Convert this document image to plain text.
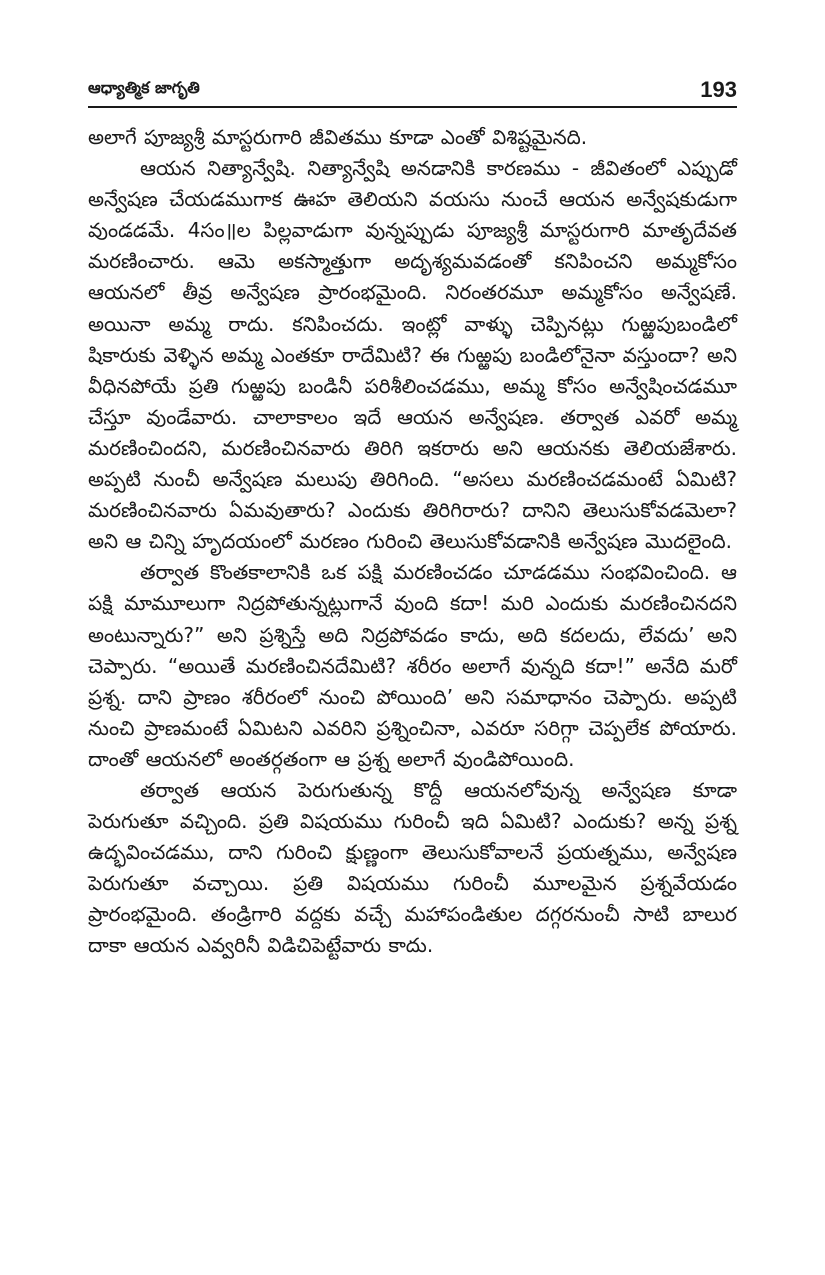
ఆధ్యాత్మిక జాగృతి	193

అలాగే పూజ్యశ్రీ మాస్టరుగారి జీవితము కూడా ఎంతో విశిష్టమైనది.

ఆయన నిత్యాన్వేషి. నిత్యాన్వేషి అనడానికి కారణము - జీవితంలో ఎప్పుడో అన్వేషణ చేయడముగాక ఊహ తెలియని వయసు నుంచే ఆయన అన్వేషకుడుగా వుండడమే. 4సం॥ల పిల్లవాడుగా వున్నప్పుడు పూజ్యశ్రీ మాస్టరుగారి మాతృదేవత మరణించారు. ఆమె అకస్మాత్తుగా అదృశ్యమవడంతో కనిపించని అమ్మకోసం ఆయనలో తీవ్ర అన్వేషణ ప్రారంభమైంది. నిరంతరమూ అమ్మకోసం అన్వేషణే. అయినా అమ్మ రాదు. కనిపించదు. ఇంట్లో వాళ్ళు చెప్పినట్లు గుఱ్ఱపుబండిలో షికారుకు వెళ్ళిన అమ్మ ఎంతకూ రాదేమిటి? ఈ గుఱ్ఱపు బండిలోనైనా వస్తుందా? అని వీధినపోయే ప్రతి గుఱ్ఱపు బండినీ పరిశీలించడము, అమ్మ కోసం అన్వేషించడమూ చేస్తూ వుండేవారు. చాలాకాలం ఇదే ఆయన అన్వేషణ. తర్వాత ఎవరో అమ్మ మరణించిందని, మరణించినవారు తిరిగి ఇకరారు అని ఆయనకు తెలియజేశారు. అప్పటి నుంచీ అన్వేషణ మలుపు తిరిగింది. “అసలు మరణించడమంటే ఏమిటి? మరణించినవారు ఏమవుతారు? ఎందుకు తిరిగిరారు? దానిని తెలుసుకోవడమెలా? అని ఆ చిన్ని హృదయంలో మరణం గురించి తెలుసుకోవడానికి అన్వేషణ మొదలైంది.

తర్వాత కొంతకాలానికి ఒక పక్షి మరణించడం చూడడము సంభవించింది. ఆ పక్షి మామూలుగా నిద్రపోతున్నట్లుగానే వుంది కదా! మరి ఎందుకు మరణించినదని అంటున్నారు?” అని ప్రశ్నిస్తే అది నిద్రపోవడం కాదు, అది కదలదు, లేవదు’ అని చెప్పారు. “అయితే మరణించినదేమిటి? శరీరం అలాగే వున్నది కదా!” అనేది మరో ప్రశ్న. దాని ప్రాణం శరీరంలో నుంచి పోయింది’ అని సమాధానం చెప్పారు. అప్పటి నుంచి ప్రాణమంటే ఏమిటని ఎవరిని ప్రశ్నించినా, ఎవరూ సరిగ్గా చెప్పలేక పోయారు. దాంతో ఆయనలో అంతర్గతంగా ఆ ప్రశ్న అలాగే వుండిపోయింది.

తర్వాత ఆయన పెరుగుతున్న కొద్దీ ఆయనలోవున్న అన్వేషణ కూడా పెరుగుతూ వచ్చింది. ప్రతి విషయము గురించీ ఇది ఏమిటి? ఎందుకు? అన్న ప్రశ్న ఉద్భవించడము, దాని గురించి క్షుణ్ణంగా తెలుసుకోవాలనే ప్రయత్నము, అన్వేషణ పెరుగుతూ వచ్చాయి. ప్రతి విషయము గురించీ మూలమైన ప్రశ్నవేయడం ప్రారంభమైంది. తండ్రిగారి వద్దకు వచ్చే మహాపండితుల దగ్గరనుంచీ సాటి బాలుర దాకా ఆయన ఎవ్వరినీ విడిచిపెట్టేవారు కాదు.
